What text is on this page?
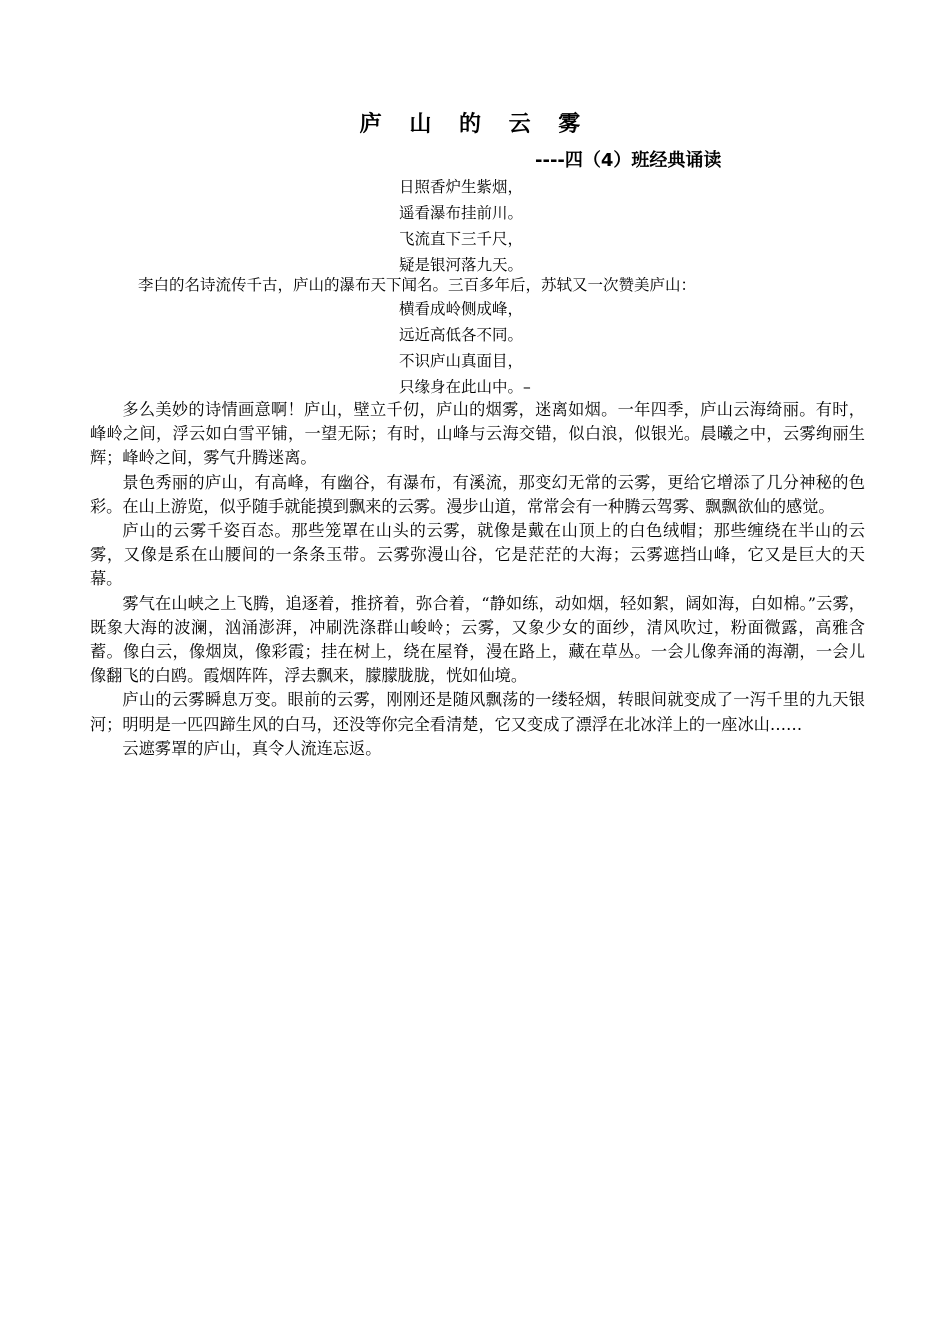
庐 山 的 云 雾
----四（4）班经典诵读
日照香炉生紫烟，
遥看瀑布挂前川。
飞流直下三千尺，
疑是银河落九天。
李白的名诗流传千古，庐山的瀑布天下闻名。三百多年后，苏轼又一次赞美庐山：
横看成岭侧成峰，
远近高低各不同。
不识庐山真面目，
只缘身在此山中。–

多么美妙的诗情画意啊！庐山，壁立千仞，庐山的烟雾，迷离如烟。一年四季，庐山云海绮丽。有时，峰岭之间，浮云如白雪平铺，一望无际；有时，山峰与云海交错，似白浪，似银光。晨曦之中，云雾绚丽生辉；峰岭之间，雾气升腾迷离。

景色秀丽的庐山，有高峰，有幽谷，有瀑布，有溪流，那变幻无常的云雾，更给它增添了几分神秘的色彩。在山上游览，似乎随手就能摸到飘来的云雾。漫步山道，常常会有一种腾云驾雾、飘飘欲仙的感觉。

庐山的云雾千姿百态。那些笼罩在山头的云雾，就像是戴在山顶上的白色绒帽；那些缠绕在半山的云雾，又像是系在山腰间的一条条玉带。云雾弥漫山谷，它是茫茫的大海；云雾遮挡山峰，它又是巨大的天幕。

雾气在山峡之上飞腾，追逐着，推挤着，弥合着，“静如练，动如烟，轻如絮，阔如海，白如棉。”云雾，既象大海的波澜，汹涌澎湃，冲刷洗涤群山峻岭；云雾，又象少女的面纱，清风吹过，粉面微露，高雅含蓄。像白云，像烟岚，像彩霞；挂在树上，绕在屋脊，漫在路上，藏在草丛。一会儿像奔涌的海潮，一会儿像翻飞的白鸥。霞烟阵阵，浮去飘来，朦朦胧胧，恍如仙境。

庐山的云雾瞬息万变。眼前的云雾，刚刚还是随风飘荡的一缕轻烟，转眼间就变成了一泻千里的九天银河；明明是一匹四蹄生风的白马，还没等你完全看清楚，它又变成了漂浮在北冰洋上的一座冰山……

云遮雾罩的庐山，真令人流连忘返。
